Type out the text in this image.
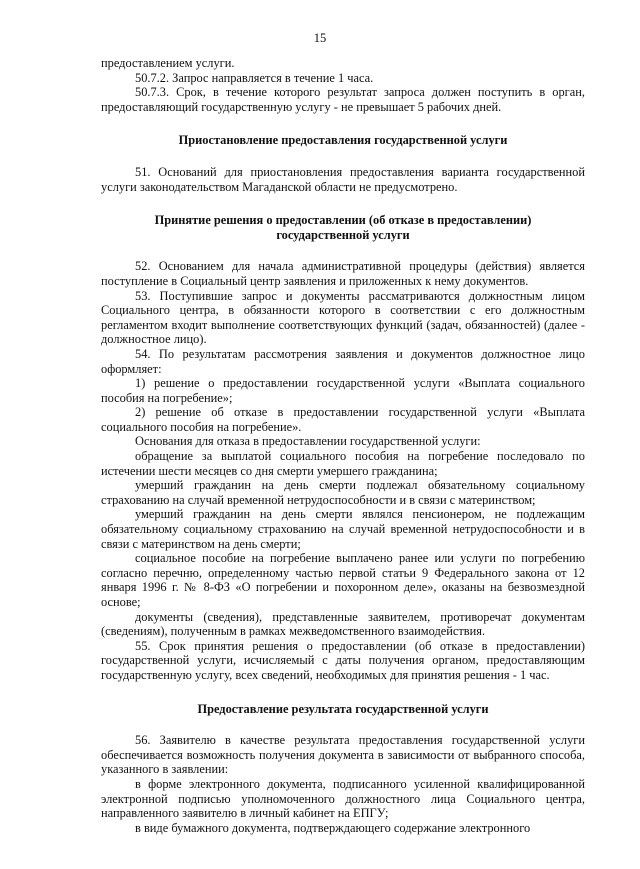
15

предоставлением услуги.

50.7.2. Запрос направляется в течение 1 часа.

50.7.3. Срок, в течение которого результат запроса должен поступить в орган, предоставляющий государственную услугу - не превышает 5 рабочих дней.

Приостановление предоставления государственной услуги

51. Оснований для приостановления предоставления варианта государственной услуги законодательством Магаданской области не предусмотрено.

Принятие решения о предоставлении (об отказе в предоставлении) государственной услуги

52. Основанием для начала административной процедуры (действия) является поступление в Социальный центр заявления и приложенных к нему документов.

53. Поступившие запрос и документы рассматриваются должностным лицом Социального центра, в обязанности которого в соответствии с его должностным регламентом входит выполнение соответствующих функций (задач, обязанностей) (далее - должностное лицо).

54. По результатам рассмотрения заявления и документов должностное лицо оформляет:

1) решение о предоставлении государственной услуги «Выплата социального пособия на погребение»;

2) решение об отказе в предоставлении государственной услуги «Выплата социального пособия на погребение».

Основания для отказа в предоставлении государственной услуги:

обращение за выплатой социального пособия на погребение последовало по истечении шести месяцев со дня смерти умершего гражданина;

умерший гражданин на день смерти подлежал обязательному социальному страхованию на случай временной нетрудоспособности и в связи с материнством;

умерший гражданин на день смерти являлся пенсионером, не подлежащим обязательному социальному страхованию на случай временной нетрудоспособности и в связи с материнством на день смерти;

социальное пособие на погребение выплачено ранее или услуги по погребению согласно перечню, определенному частью первой статьи 9 Федерального закона от 12 января 1996 г. № 8-ФЗ «О погребении и похоронном деле», оказаны на безвозмездной основе;

документы (сведения), представленные заявителем, противоречат документам (сведениям), полученным в рамках межведомственного взаимодействия.

55. Срок принятия решения о предоставлении (об отказе в предоставлении) государственной услуги, исчисляемый с даты получения органом, предоставляющим государственную услугу, всех сведений, необходимых для принятия решения - 1 час.

Предоставление результата государственной услуги

56. Заявителю в качестве результата предоставления государственной услуги обеспечивается возможность получения документа в зависимости от выбранного способа, указанного в заявлении:

в форме электронного документа, подписанного усиленной квалифицированной электронной подписью уполномоченного должностного лица Социального центра, направленного заявителю в личный кабинет на ЕПГУ;

в виде бумажного документа, подтверждающего содержание электронного
